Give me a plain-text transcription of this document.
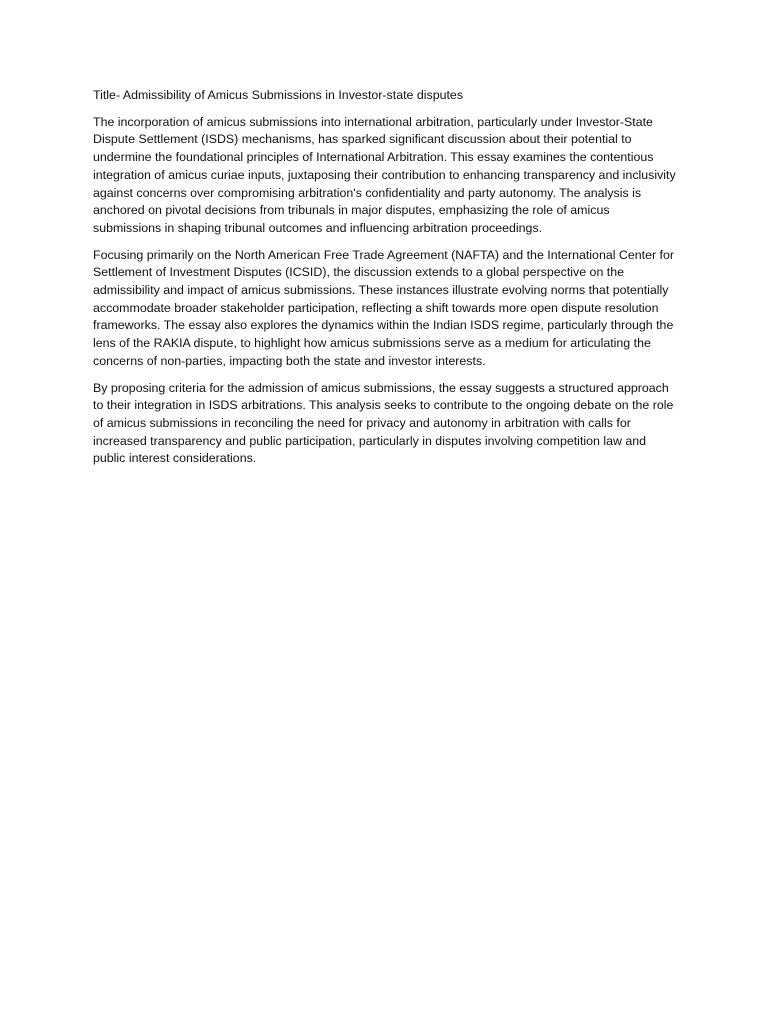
Title- Admissibility of Amicus Submissions in Investor-state disputes

The incorporation of amicus submissions into international arbitration, particularly under Investor-State Dispute Settlement (ISDS) mechanisms, has sparked significant discussion about their potential to undermine the foundational principles of International Arbitration. This essay examines the contentious integration of amicus curiae inputs, juxtaposing their contribution to enhancing transparency and inclusivity against concerns over compromising arbitration's confidentiality and party autonomy. The analysis is anchored on pivotal decisions from tribunals in major disputes, emphasizing the role of amicus submissions in shaping tribunal outcomes and influencing arbitration proceedings.

Focusing primarily on the North American Free Trade Agreement (NAFTA) and the International Center for Settlement of Investment Disputes (ICSID), the discussion extends to a global perspective on the admissibility and impact of amicus submissions. These instances illustrate evolving norms that potentially accommodate broader stakeholder participation, reflecting a shift towards more open dispute resolution frameworks. The essay also explores the dynamics within the Indian ISDS regime, particularly through the lens of the RAKIA dispute, to highlight how amicus submissions serve as a medium for articulating the concerns of non-parties, impacting both the state and investor interests.

By proposing criteria for the admission of amicus submissions, the essay suggests a structured approach to their integration in ISDS arbitrations. This analysis seeks to contribute to the ongoing debate on the role of amicus submissions in reconciling the need for privacy and autonomy in arbitration with calls for increased transparency and public participation, particularly in disputes involving competition law and public interest considerations.
